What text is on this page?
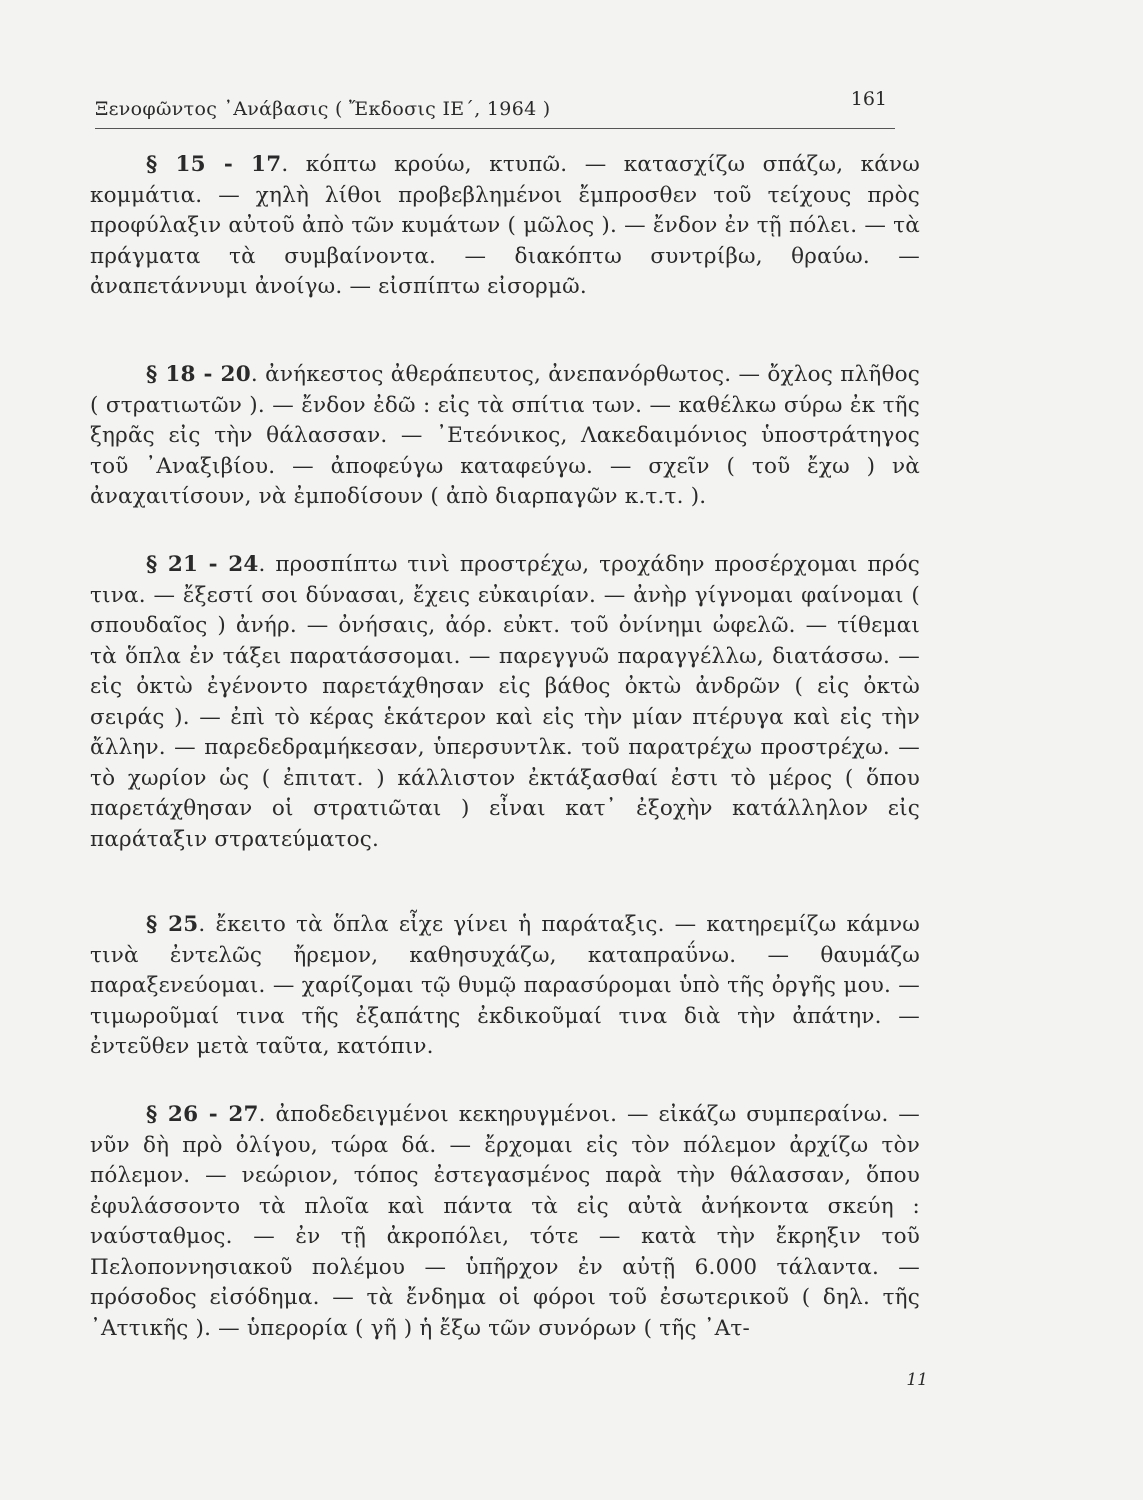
Ξενοφῶντος ᾿Ανάβασις ( Ἔκδοσις ΙΕ΄, 1964 )	161

§ 15 - 17. κόπτω κρούω, κτυπῶ. — κατασχίζω σπάζω, κάνω κομμάτια. — χηλὴ λίθοι προβεβλημένοι ἔμπροσθεν τοῦ τείχους πρὸς προφύλαξιν αὐτοῦ ἀπὸ τῶν κυμάτων ( μῶλος ). — ἔνδον ἐν τῇ πόλει. — τὰ πράγματα τὰ συμβαίνοντα. — διακόπτω συντρίβω, θραύω. — ἀναπετάννυμι ἀνοίγω. — εἰσπίπτω εἰσορμῶ.

§ 18 - 20. ἀνήκεστος ἀθεράπευτος, ἀνεπανόρθωτος. — ὄχλος πλῆθος ( στρατιωτῶν ). — ἔνδον ἐδῶ : εἰς τὰ σπίτια των. — καθέλκω σύρω ἐκ τῆς ξηρᾶς εἰς τὴν θάλασσαν. — ᾿Ετεόνικος, Λακεδαιμόνιος ὑποστράτηγος τοῦ ᾿Αναξιβίου. — ἀποφεύγω καταφεύγω. — σχεῖν ( τοῦ ἔχω ) νὰ ἀναχαιτίσουν, νὰ ἐμποδίσουν ( ἀπὸ διαρπαγῶν κ.τ.τ. ).

§ 21 - 24. προσπίπτω τινὶ προστρέχω, τροχάδην προσέρχομαι πρός τινα. — ἔξεστί σοι δύνασαι, ἔχεις εὐκαιρίαν. — ἀνὴρ γίγνομαι φαίνομαι ( σπουδαῖος ) ἀνήρ. — ὀνήσαις, ἀόρ. εὐκτ. τοῦ ὀνίνημι ὠφελῶ. — τίθεμαι τὰ ὅπλα ἐν τάξει παρατάσσομαι. — παρεγγυῶ παραγγέλλω, διατάσσω. — εἰς ὀκτὼ ἐγένοντο παρετάχθησαν εἰς βάθος ὀκτὼ ἀνδρῶν ( εἰς ὀκτὼ σειράς ). — ἐπὶ τὸ κέρας ἑκάτερον καὶ εἰς τὴν μίαν πτέρυγα καὶ εἰς τὴν ἄλλην. — παρεδεδραμήκεσαν, ὑπερσυντλκ. τοῦ παρατρέχω προστρέχω. — τὸ χωρίον ὡς ( ἐπιτατ. ) κάλλιστον ἐκτάξασθαί ἐστι τὸ μέρος ( ὅπου παρετάχθησαν οἱ στρατιῶται ) εἶναι κατ᾿ ἐξοχὴν κατάλληλον εἰς παράταξιν στρατεύματος.

§ 25. ἔκειτο τὰ ὅπλα εἶχε γίνει ἡ παράταξις. — κατηρεμίζω κάμνω τινὰ ἐντελῶς ἤρεμον, καθησυχάζω, καταπραΰνω. — θαυμάζω παραξενεύομαι. — χαρίζομαι τῷ θυμῷ παρασύρομαι ὑπὸ τῆς ὀργῆς μου. — τιμωροῦμαί τινα τῆς ἐξαπάτης ἐκδικοῦμαί τινα διὰ τὴν ἀπάτην. — ἐντεῦθεν μετὰ ταῦτα, κατόπιν.

§ 26 - 27. ἀποδεδειγμένοι κεκηρυγμένοι. — εἰκάζω συμπεραίνω. — νῦν δὴ πρὸ ὀλίγου, τώρα δά. — ἔρχομαι εἰς τὸν πόλεμον ἀρχίζω τὸν πόλεμον. — νεώριον, τόπος ἐστεγασμένος παρὰ τὴν θάλασσαν, ὅπου ἐφυλάσσοντο τὰ πλοῖα καὶ πάντα τὰ εἰς αὐτὰ ἀνήκοντα σκεύη : ναύσταθμος. — ἐν τῇ ἀκροπόλει, τότε — κατὰ τὴν ἔκρηξιν τοῦ Πελοποννησιακοῦ πολέμου — ὑπῆρχον ἐν αὐτῇ 6.000 τάλαντα. — πρόσοδος εἰσόδημα. — τὰ ἔνδημα οἱ φόροι τοῦ ἐσωτερικοῦ ( δηλ. τῆς ᾿Αττικῆς ). — ὑπερορία ( γῆ ) ἡ ἔξω τῶν συνόρων ( τῆς ᾿Ατ-

11
